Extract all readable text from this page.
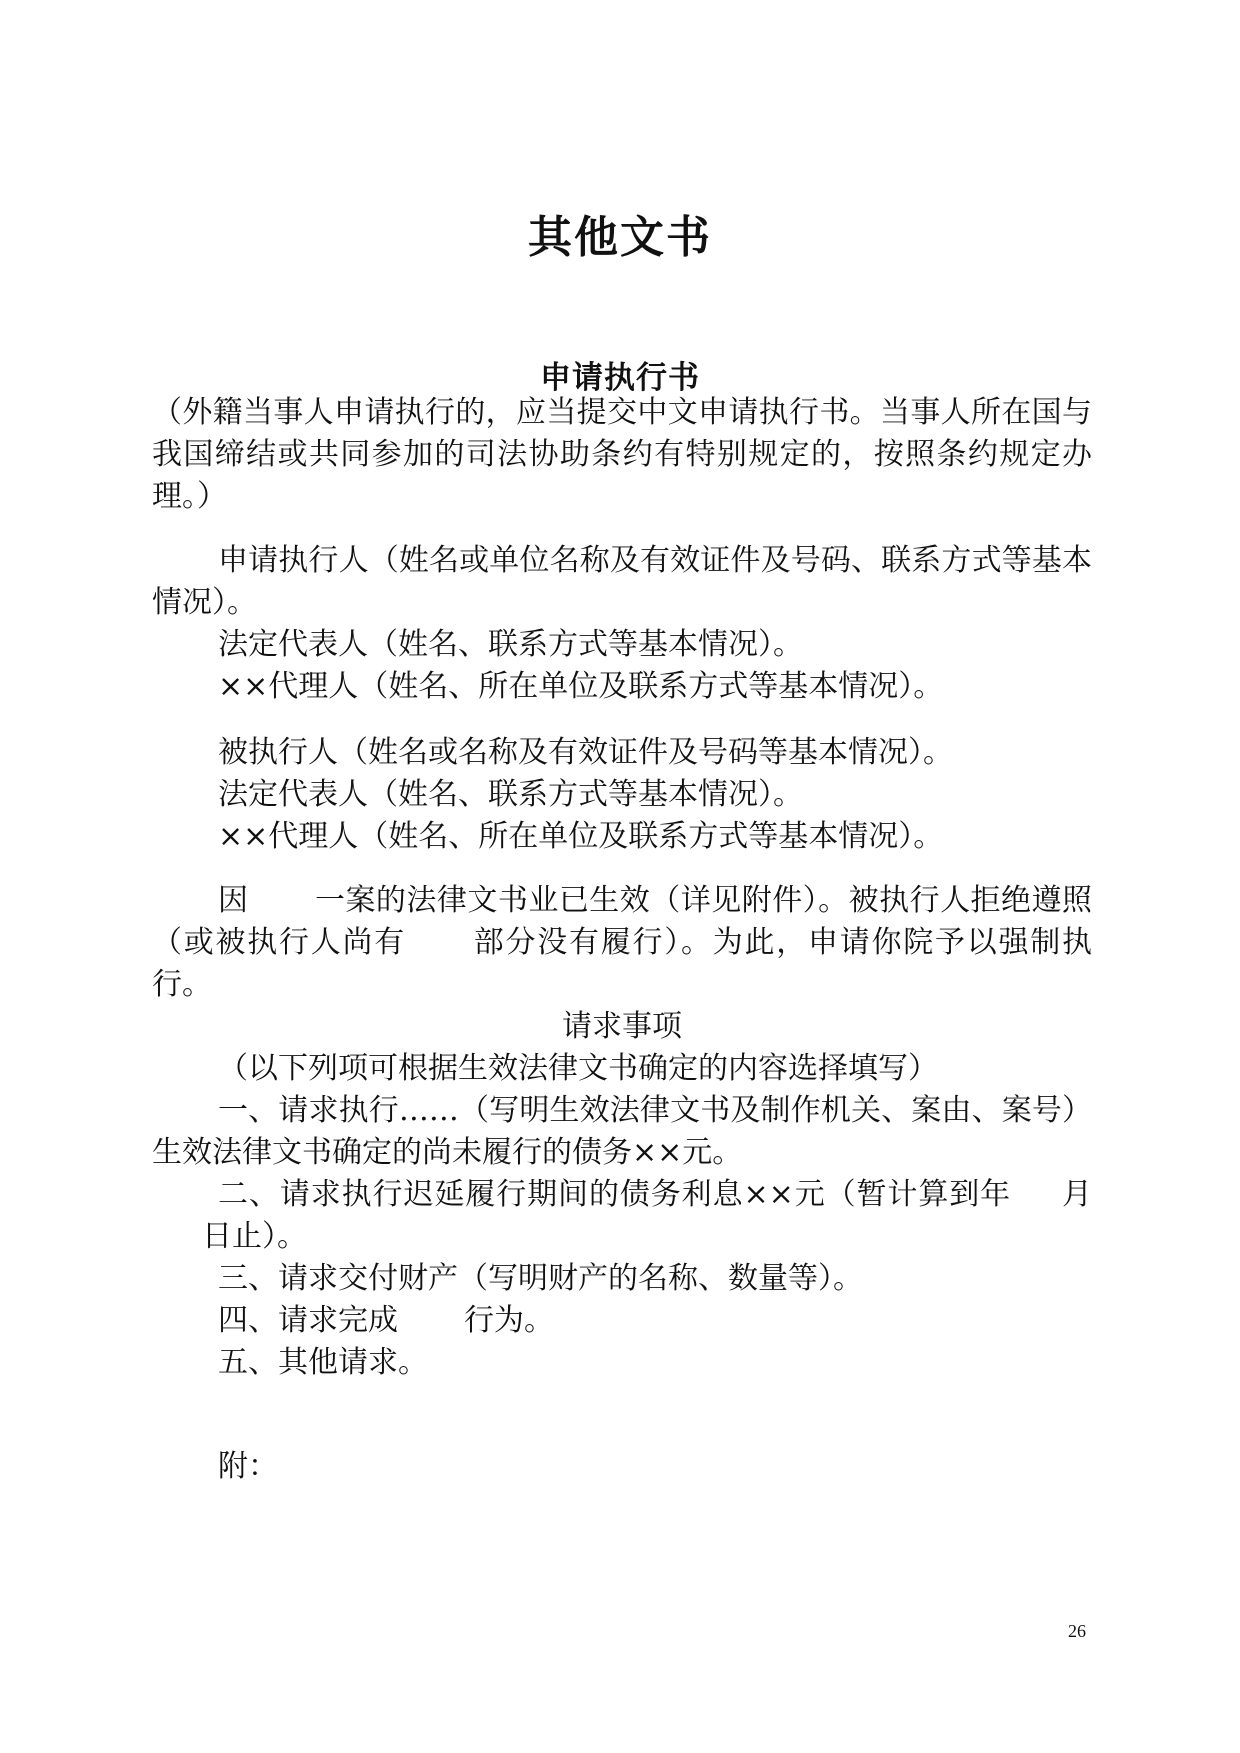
其他文书
申请执行书

（外籍当事人申请执行的，应当提交中文申请执行书。当事人所在国与我国缔结或共同参加的司法协助条约有特别规定的，按照条约规定办理。）

申请执行人（姓名或单位名称及有效证件及号码、联系方式等基本情况）。

法定代表人（姓名、联系方式等基本情况）。

××代理人（姓名、所在单位及联系方式等基本情况）。

被执行人（姓名或名称及有效证件及号码等基本情况）。

法定代表人（姓名、联系方式等基本情况）。

××代理人（姓名、所在单位及联系方式等基本情况）。

因 一案的法律文书业已生效（详见附件）。被执行人拒绝遵照（或被执行人尚有 部分没有履行）。为此，申请你院予以强制执行。

请求事项

（以下列项可根据生效法律文书确定的内容选择填写）

一、请求执行……（写明生效法律文书及制作机关、案由、案号）生效法律文书确定的尚未履行的债务××元。

二、请求执行迟延履行期间的债务利息××元（暂计算到年 月日止）。

三、请求交付财产（写明财产的名称、数量等）。

四、请求完成 行为。

五、其他请求。

附：

26
